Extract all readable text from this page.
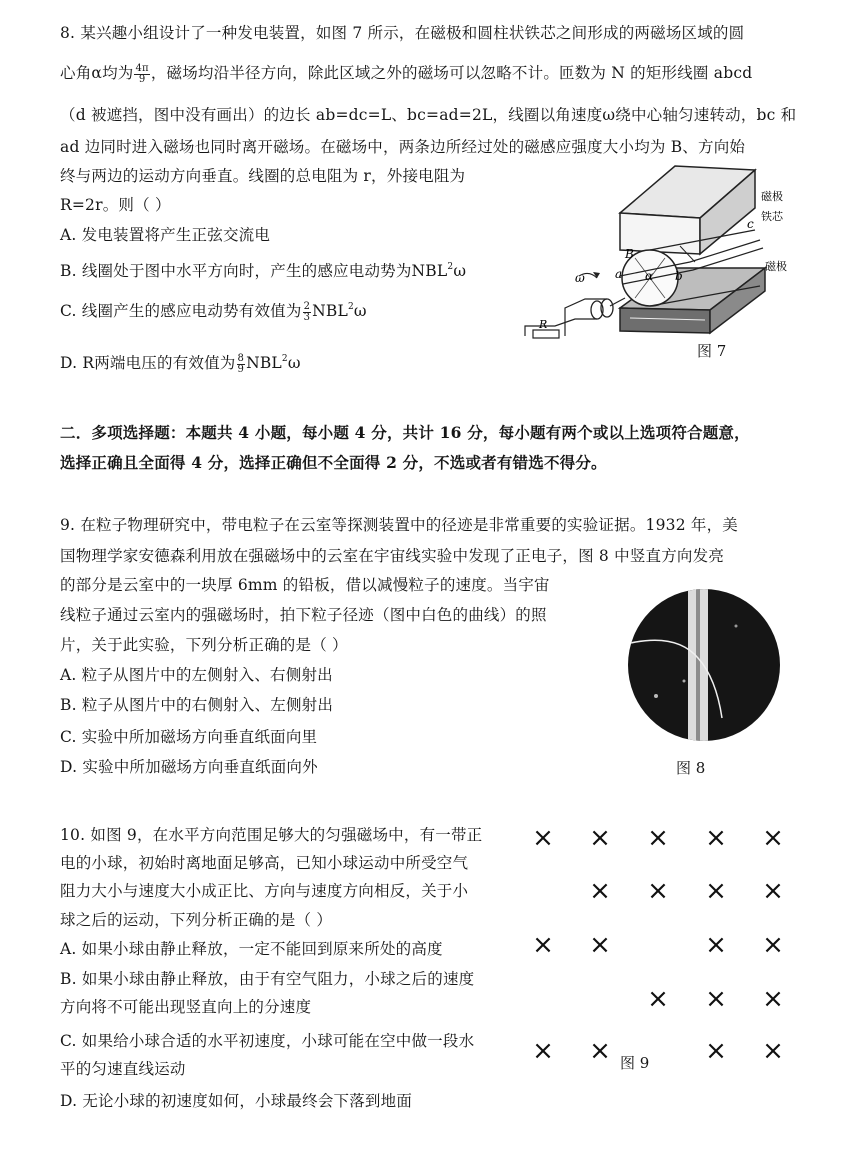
8. 某兴趣小组设计了一种发电装置，如图 7 所示，在磁极和圆柱状铁芯之间形成的两磁场区域的圆
心角α均为 $\frac{4\pi}{9}$ ，磁场均沿半径方向，除此区域之外的磁场可以忽略不计。匝数为 N 的矩形线圈 abcd
（d 被遮挡，图中没有画出）的边长 ab=dc=L、bc=ad=2L，线圈以角速度ω绕中心轴匀速转动，bc 和
ad 边同时进入磁场也同时离开磁场。在磁场中，两条边所经过处的磁感应强度大小均为 B、方向始
终与两边的运动方向垂直。线圈的总电阻为 r，外接电阻为
R=2r。则（ ）
A. 发电装置将产生正弦交流电
B. 线圈处于图中水平方向时，产生的感应电动势为NBL$^2$ω
C. 线圈产生的感应电动势有效值为 $\frac{2}{3} NBL^2\omega$
D. R两端电压的有效值为 $\frac{8}{9} NBL^2\omega$
磁极
铁芯
磁极
B
α
a	b
c
ω
R
图 7
二．多项选择题：本题共 4 小题，每小题 4 分，共计 16 分，每小题有两个或以上选项符合题意，
选择正确且全面得 4 分，选择正确但不全面得 2 分，不选或者有错选不得分。
9. 在粒子物理研究中，带电粒子在云室等探测装置中的径迹是非常重要的实验证据。1932 年，美
国物理学家安德森利用放在强磁场中的云室在宇宙线实验中发现了正电子，图 8 中竖直方向发亮
的部分是云室中的一块厚 6mm 的铅板，借以减慢粒子的速度。当宇宙
线粒子通过云室内的强磁场时，拍下粒子径迹（图中白色的曲线）的照
片，关于此实验，下列分析正确的是（ ）
A. 粒子从图片中的左侧射入、右侧射出
B. 粒子从图片中的右侧射入、左侧射出
C. 实验中所加磁场方向垂直纸面向里
D. 实验中所加磁场方向垂直纸面向外	图 8
10. 如图 9，在水平方向范围足够大的匀强磁场中，有一带正
电的小球，初始时离地面足够高，已知小球运动中所受空气
阻力大小与速度大小成正比、方向与速度方向相反，关于小
球之后的运动，下列分析正确的是（ ）
A. 如果小球由静止释放，一定不能回到原来所处的高度
B. 如果小球由静止释放，由于有空气阻力，小球之后的速度
方向将不可能出现竖直向上的分速度
C. 如果给小球合适的水平初速度，小球可能在空中做一段水
平的匀速直线运动
D. 无论小球的初速度如何，小球最终会下落到地面
× × × × ×
× × × ×
× ×	× ×
× × ×
× ×	× ×
图 9
